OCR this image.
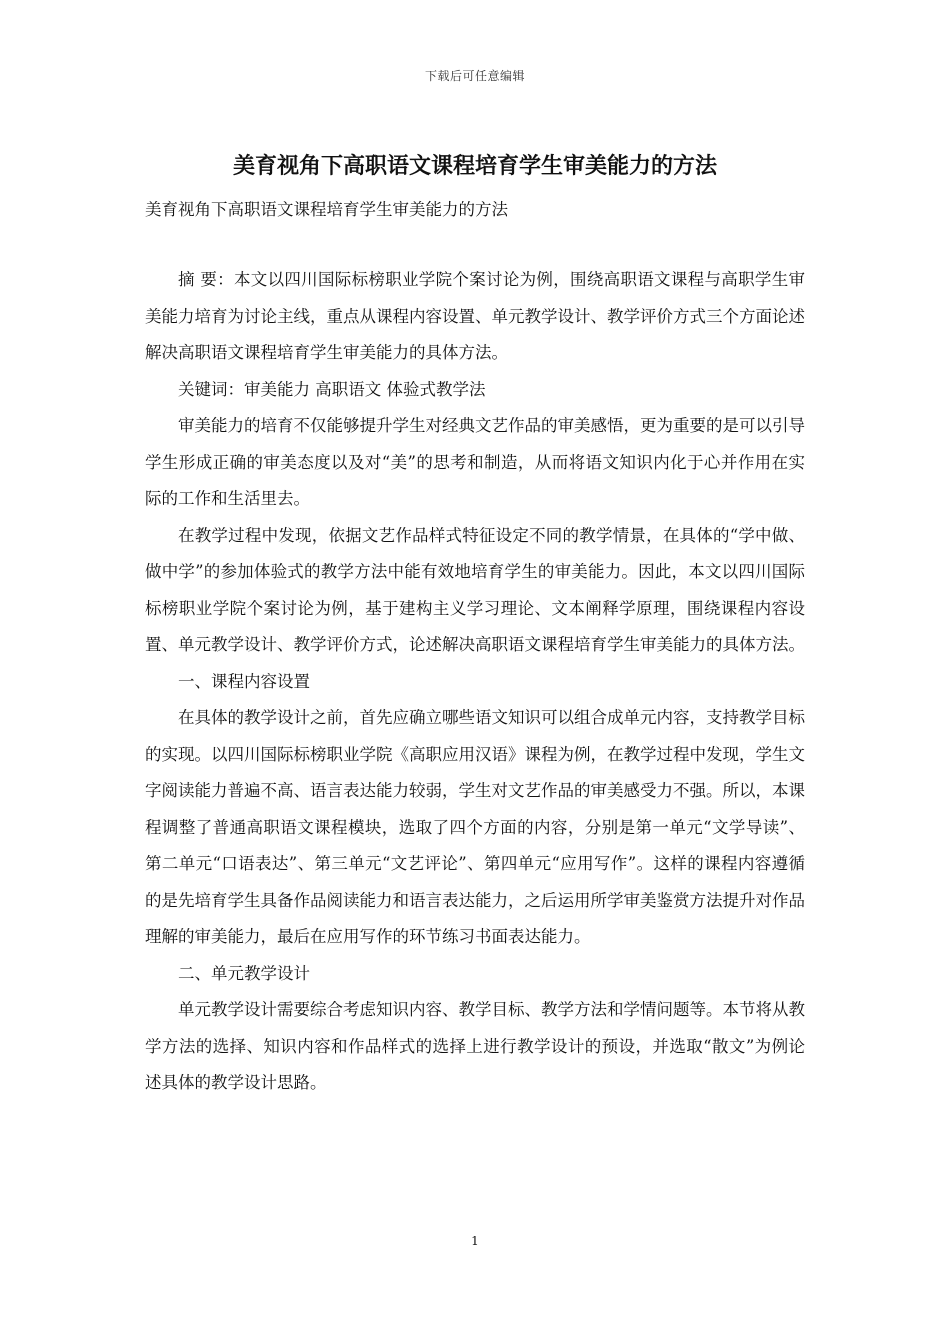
下载后可任意编辑
美育视角下高职语文课程培育学生审美能力的方法
美育视角下高职语文课程培育学生审美能力的方法

摘 要：本文以四川国际标榜职业学院个案讨论为例，围绕高职语文课程与高职学生审美能力培育为讨论主线，重点从课程内容设置、单元教学设计、教学评价方式三个方面论述解决高职语文课程培育学生审美能力的具体方法。

关键词：审美能力 高职语文 体验式教学法

审美能力的培育不仅能够提升学生对经典文艺作品的审美感悟，更为重要的是可以引导学生形成正确的审美态度以及对“美”的思考和制造，从而将语文知识内化于心并作用在实际的工作和生活里去。

在教学过程中发现，依据文艺作品样式特征设定不同的教学情景，在具体的“学中做、做中学”的参加体验式的教学方法中能有效地培育学生的审美能力。因此，本文以四川国际标榜职业学院个案讨论为例，基于建构主义学习理论、文本阐释学原理，围绕课程内容设置、单元教学设计、教学评价方式，论述解决高职语文课程培育学生审美能力的具体方法。

一、课程内容设置

在具体的教学设计之前，首先应确立哪些语文知识可以组合成单元内容，支持教学目标的实现。以四川国际标榜职业学院《高职应用汉语》课程为例，在教学过程中发现，学生文字阅读能力普遍不高、语言表达能力较弱，学生对文艺作品的审美感受力不强。所以，本课程调整了普通高职语文课程模块，选取了四个方面的内容，分别是第一单元“文学导读”、第二单元“口语表达”、第三单元“文艺评论”、第四单元“应用写作”。这样的课程内容遵循的是先培育学生具备作品阅读能力和语言表达能力，之后运用所学审美鉴赏方法提升对作品理解的审美能力，最后在应用写作的环节练习书面表达能力。

二、单元教学设计

单元教学设计需要综合考虑知识内容、教学目标、教学方法和学情问题等。本节将从教学方法的选择、知识内容和作品样式的选择上进行教学设计的预设，并选取“散文”为例论述具体的教学设计思路。

1
